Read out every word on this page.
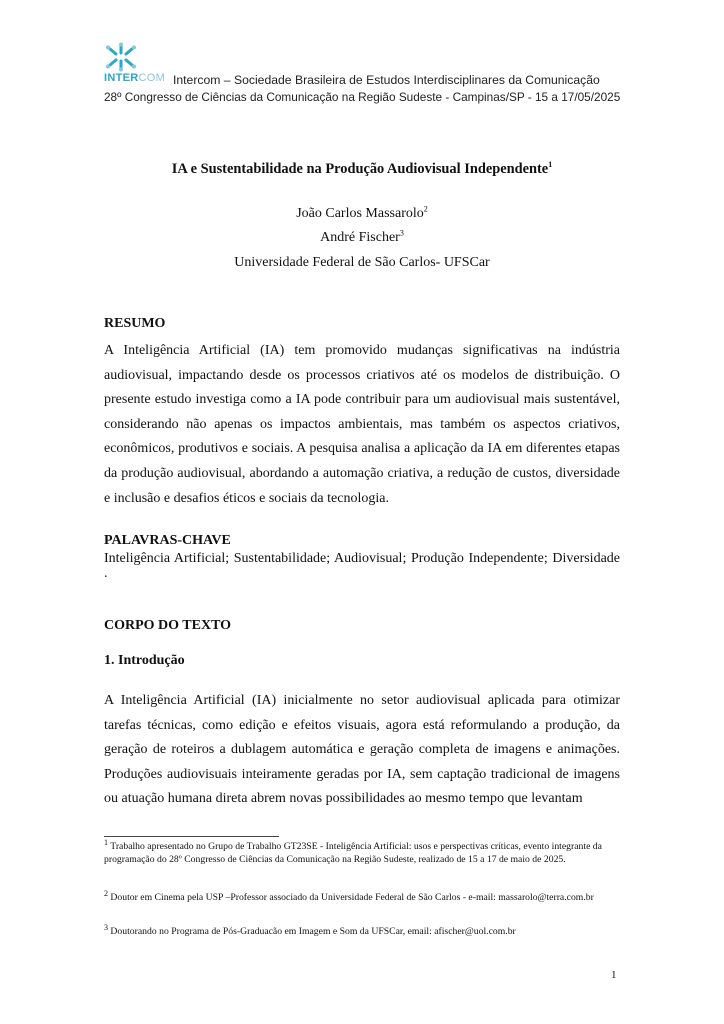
INTERCOM Intercom – Sociedade Brasileira de Estudos Interdisciplinares da Comunicação
28º Congresso de Ciências da Comunicação na Região Sudeste - Campinas/SP - 15 a 17/05/2025
IA e Sustentabilidade na Produção Audiovisual Independente$^1$
João Carlos Massarolo$^2$
André Fischer$^3$
Universidade Federal de São Carlos- UFSCar
RESUMO

A Inteligência Artificial (IA) tem promovido mudanças significativas na indústria audiovisual, impactando desde os processos criativos até os modelos de distribuição. O presente estudo investiga como a IA pode contribuir para um audiovisual mais sustentável, considerando não apenas os impactos ambientais, mas também os aspectos criativos, econômicos, produtivos e sociais. A pesquisa analisa a aplicação da IA em diferentes etapas da produção audiovisual, abordando a automação criativa, a redução de custos, diversidade e inclusão e desafios éticos e sociais da tecnologia.

PALAVRAS-CHAVE

Inteligência Artificial; Sustentabilidade; Audiovisual; Produção Independente; Diversidade .

CORPO DO TEXTO
1. Introdução

A Inteligência Artificial (IA) inicialmente no setor audiovisual aplicada para otimizar tarefas técnicas, como edição e efeitos visuais, agora está reformulando a produção, da geração de roteiros a dublagem automática e geração completa de imagens e animações. Produções audiovisuais inteiramente geradas por IA, sem captação tradicional de imagens ou atuação humana direta abrem novas possibilidades ao mesmo tempo que levantam

$^1$ Trabalho apresentado no Grupo de Trabalho GT23SE - Inteligência Artificial: usos e perspectivas críticas, evento integrante da programação do 28º Congresso de Ciências da Comunicação na Região Sudeste, realizado de 15 a 17 de maio de 2025.

$^2$ Doutor em Cinema pela USP –Professor associado da Universidade Federal de São Carlos - e-mail: massarolo@terra.com.br

$^3$ Doutorando no Programa de Pós-Graduacão em Imagem e Som da UFSCar, email: afischer@uol.com.br

1
